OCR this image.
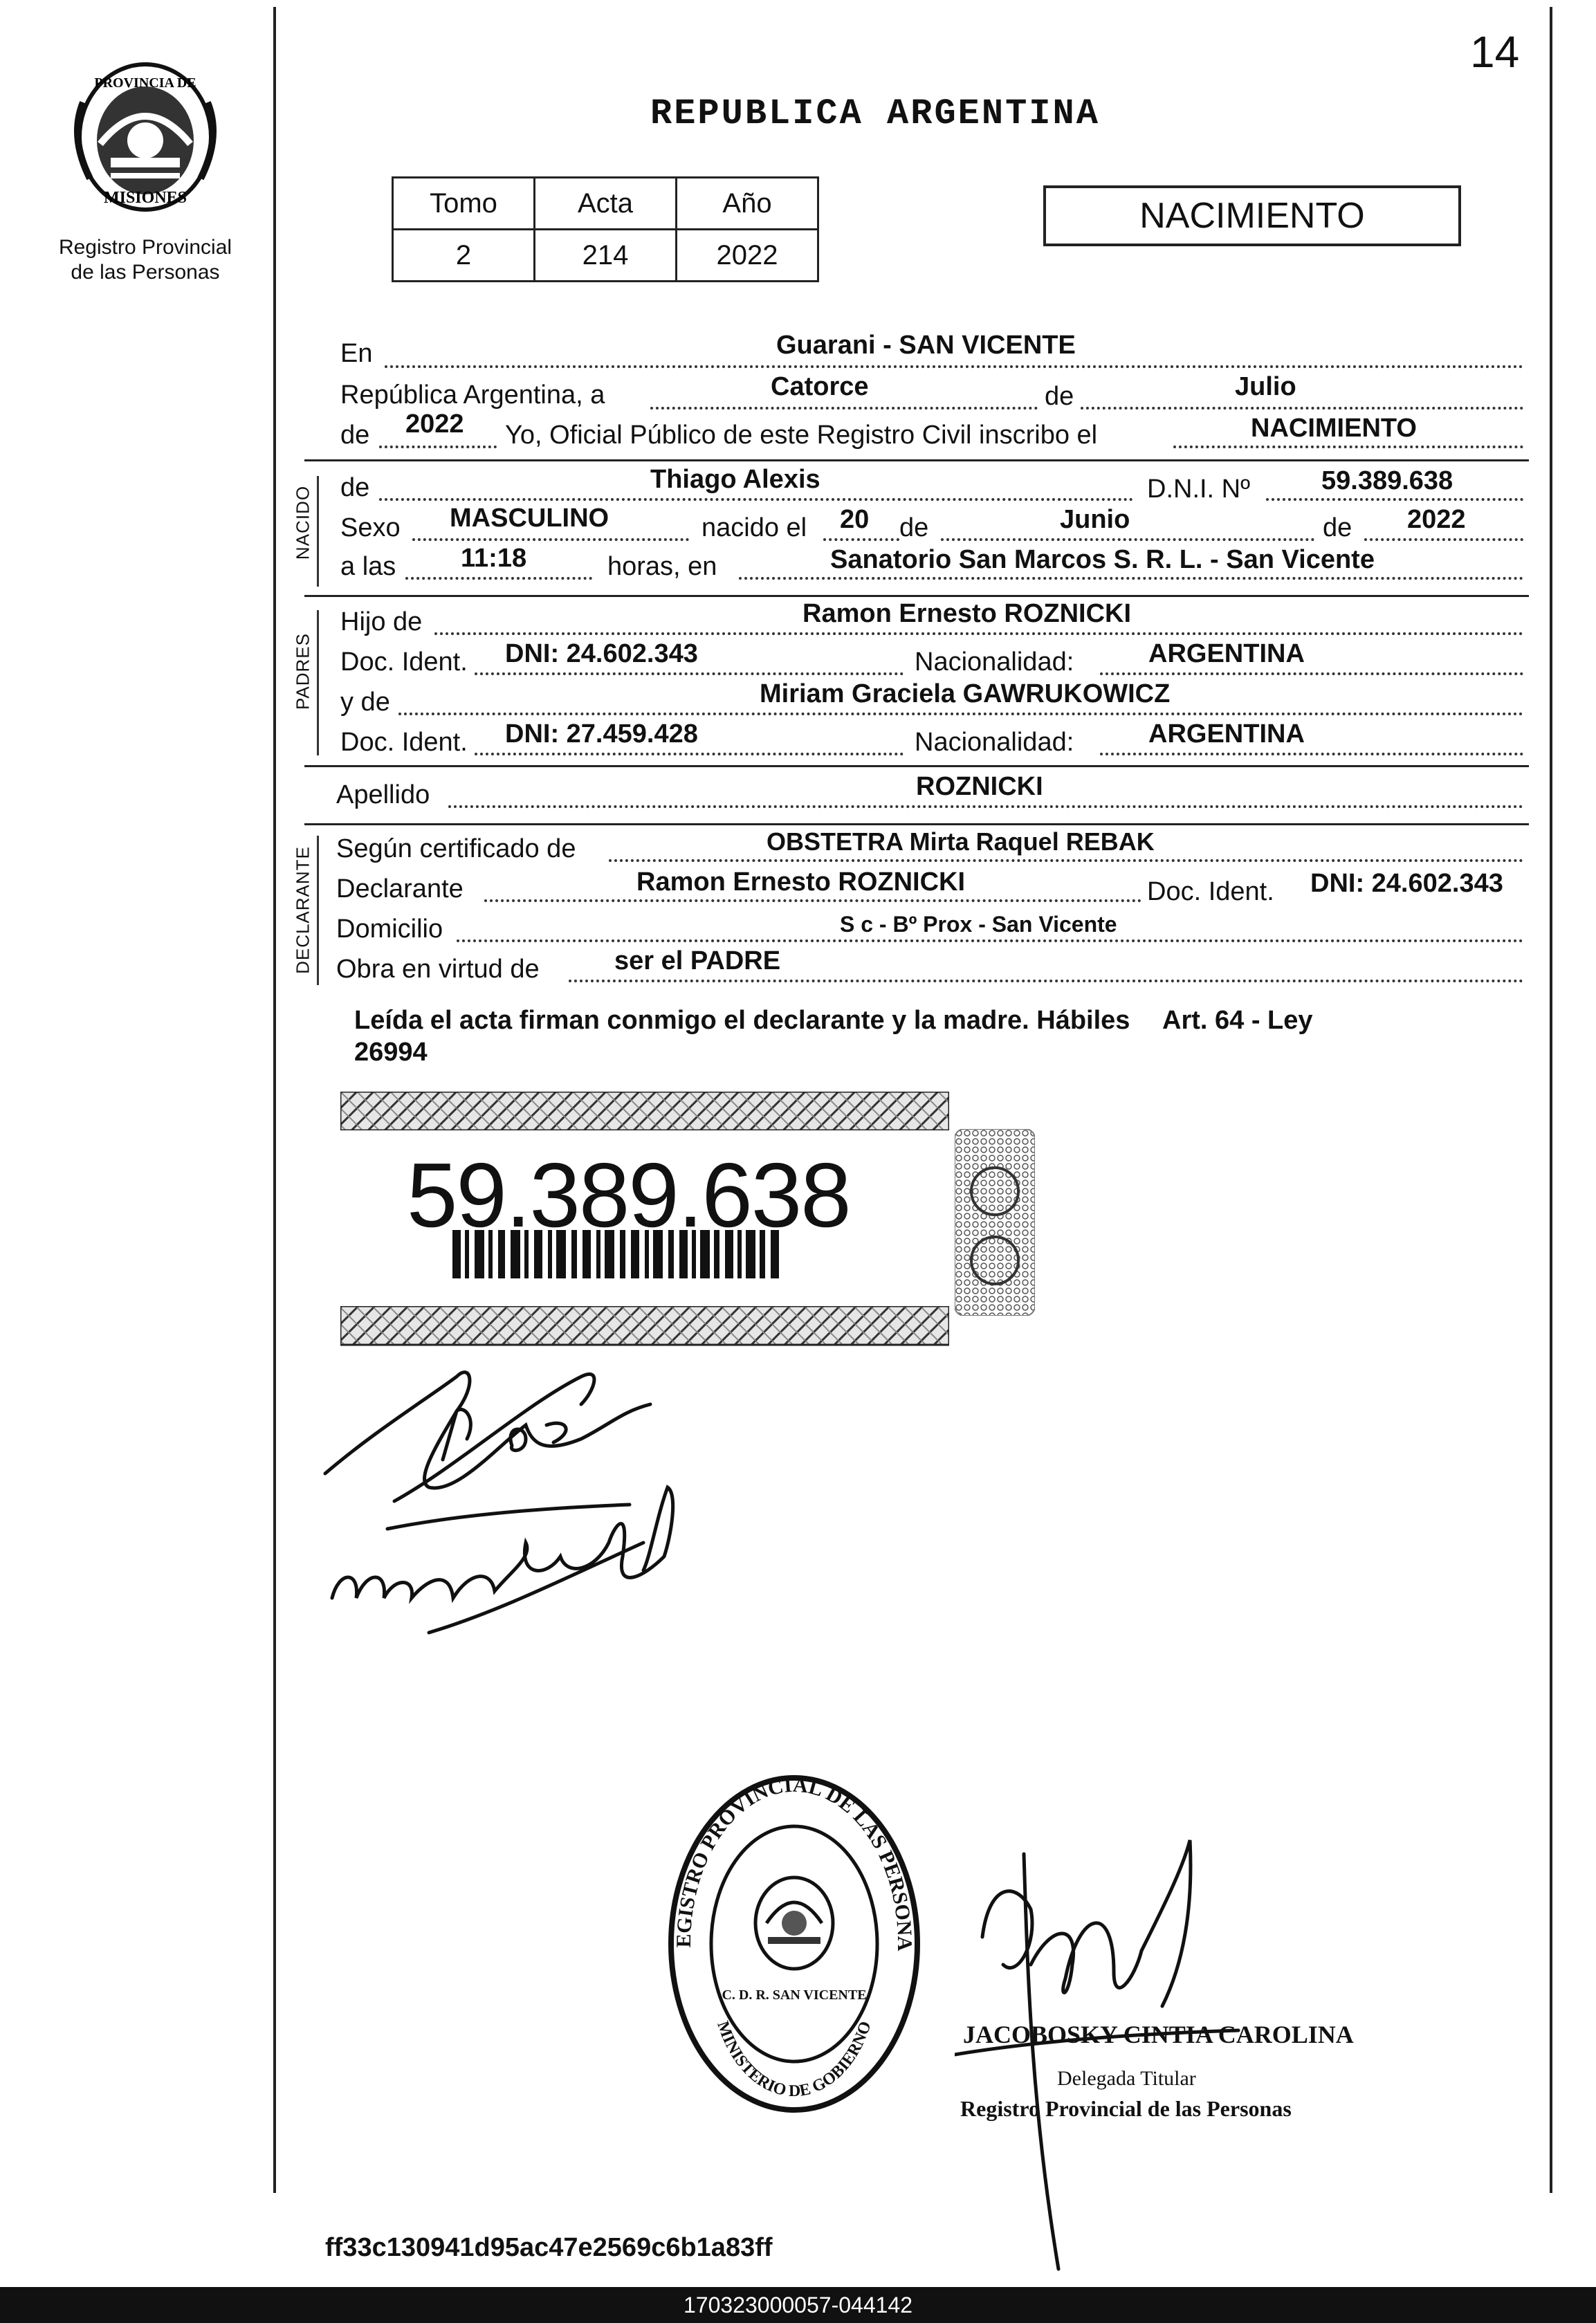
14
PROVINCIA DE
MISIONES
Registro Provincial
de las Personas
REPUBLICA ARGENTINA
Tomo	Acta	Año
2	214	2022
NACIMIENTO
En	Guarani - SAN VICENTE
República Argentina, a	Catorce	de	Julio
de 2022 Yo, Oficial Público de este Registro Civil inscribo el	NACIMIENTO
NACIDO de	Thiago Alexis	D.N.I. Nº	59.389.638
Sexo MASCULINO	nacido el 20 de	Junio	de 2022
a las 11:18	horas, en	Sanatorio San Marcos S. R. L. - San Vicente
PADRES
Hijo de	Ramon Ernesto ROZNICKI
Doc. Ident. DNI: 24.602.343	Nacionalidad:	ARGENTINA
y de	Miriam Graciela GAWRUKOWICZ
Doc. Ident. DNI: 27.459.428	Nacionalidad:	ARGENTINA
Apellido	ROZNICKI
DECLARANTE Según certificado de	OBSTETRA Mirta Raquel REBAK
Declarante	Ramon Ernesto ROZNICKI	Doc. Ident. DNI: 24.602.343
Domicilio	S c - Bº Prox - San Vicente
Obra en virtud de	ser el PADRE
Leída el acta firman conmigo el declarante y la madre. Hábiles Art. 64 - Ley
26994
59.389.638
EGISTRO PROVINCIAL DE LAS PERSONA
MINISTERIO DE GOBIERNO
C. D. R. SAN VICENTE
JACOBOSKY CINTIA CAROLINA
Delegada Titular
Registro Provincial de las Personas
ff33c130941d95ac47e2569c6b1a83ff
170323000057-044142
